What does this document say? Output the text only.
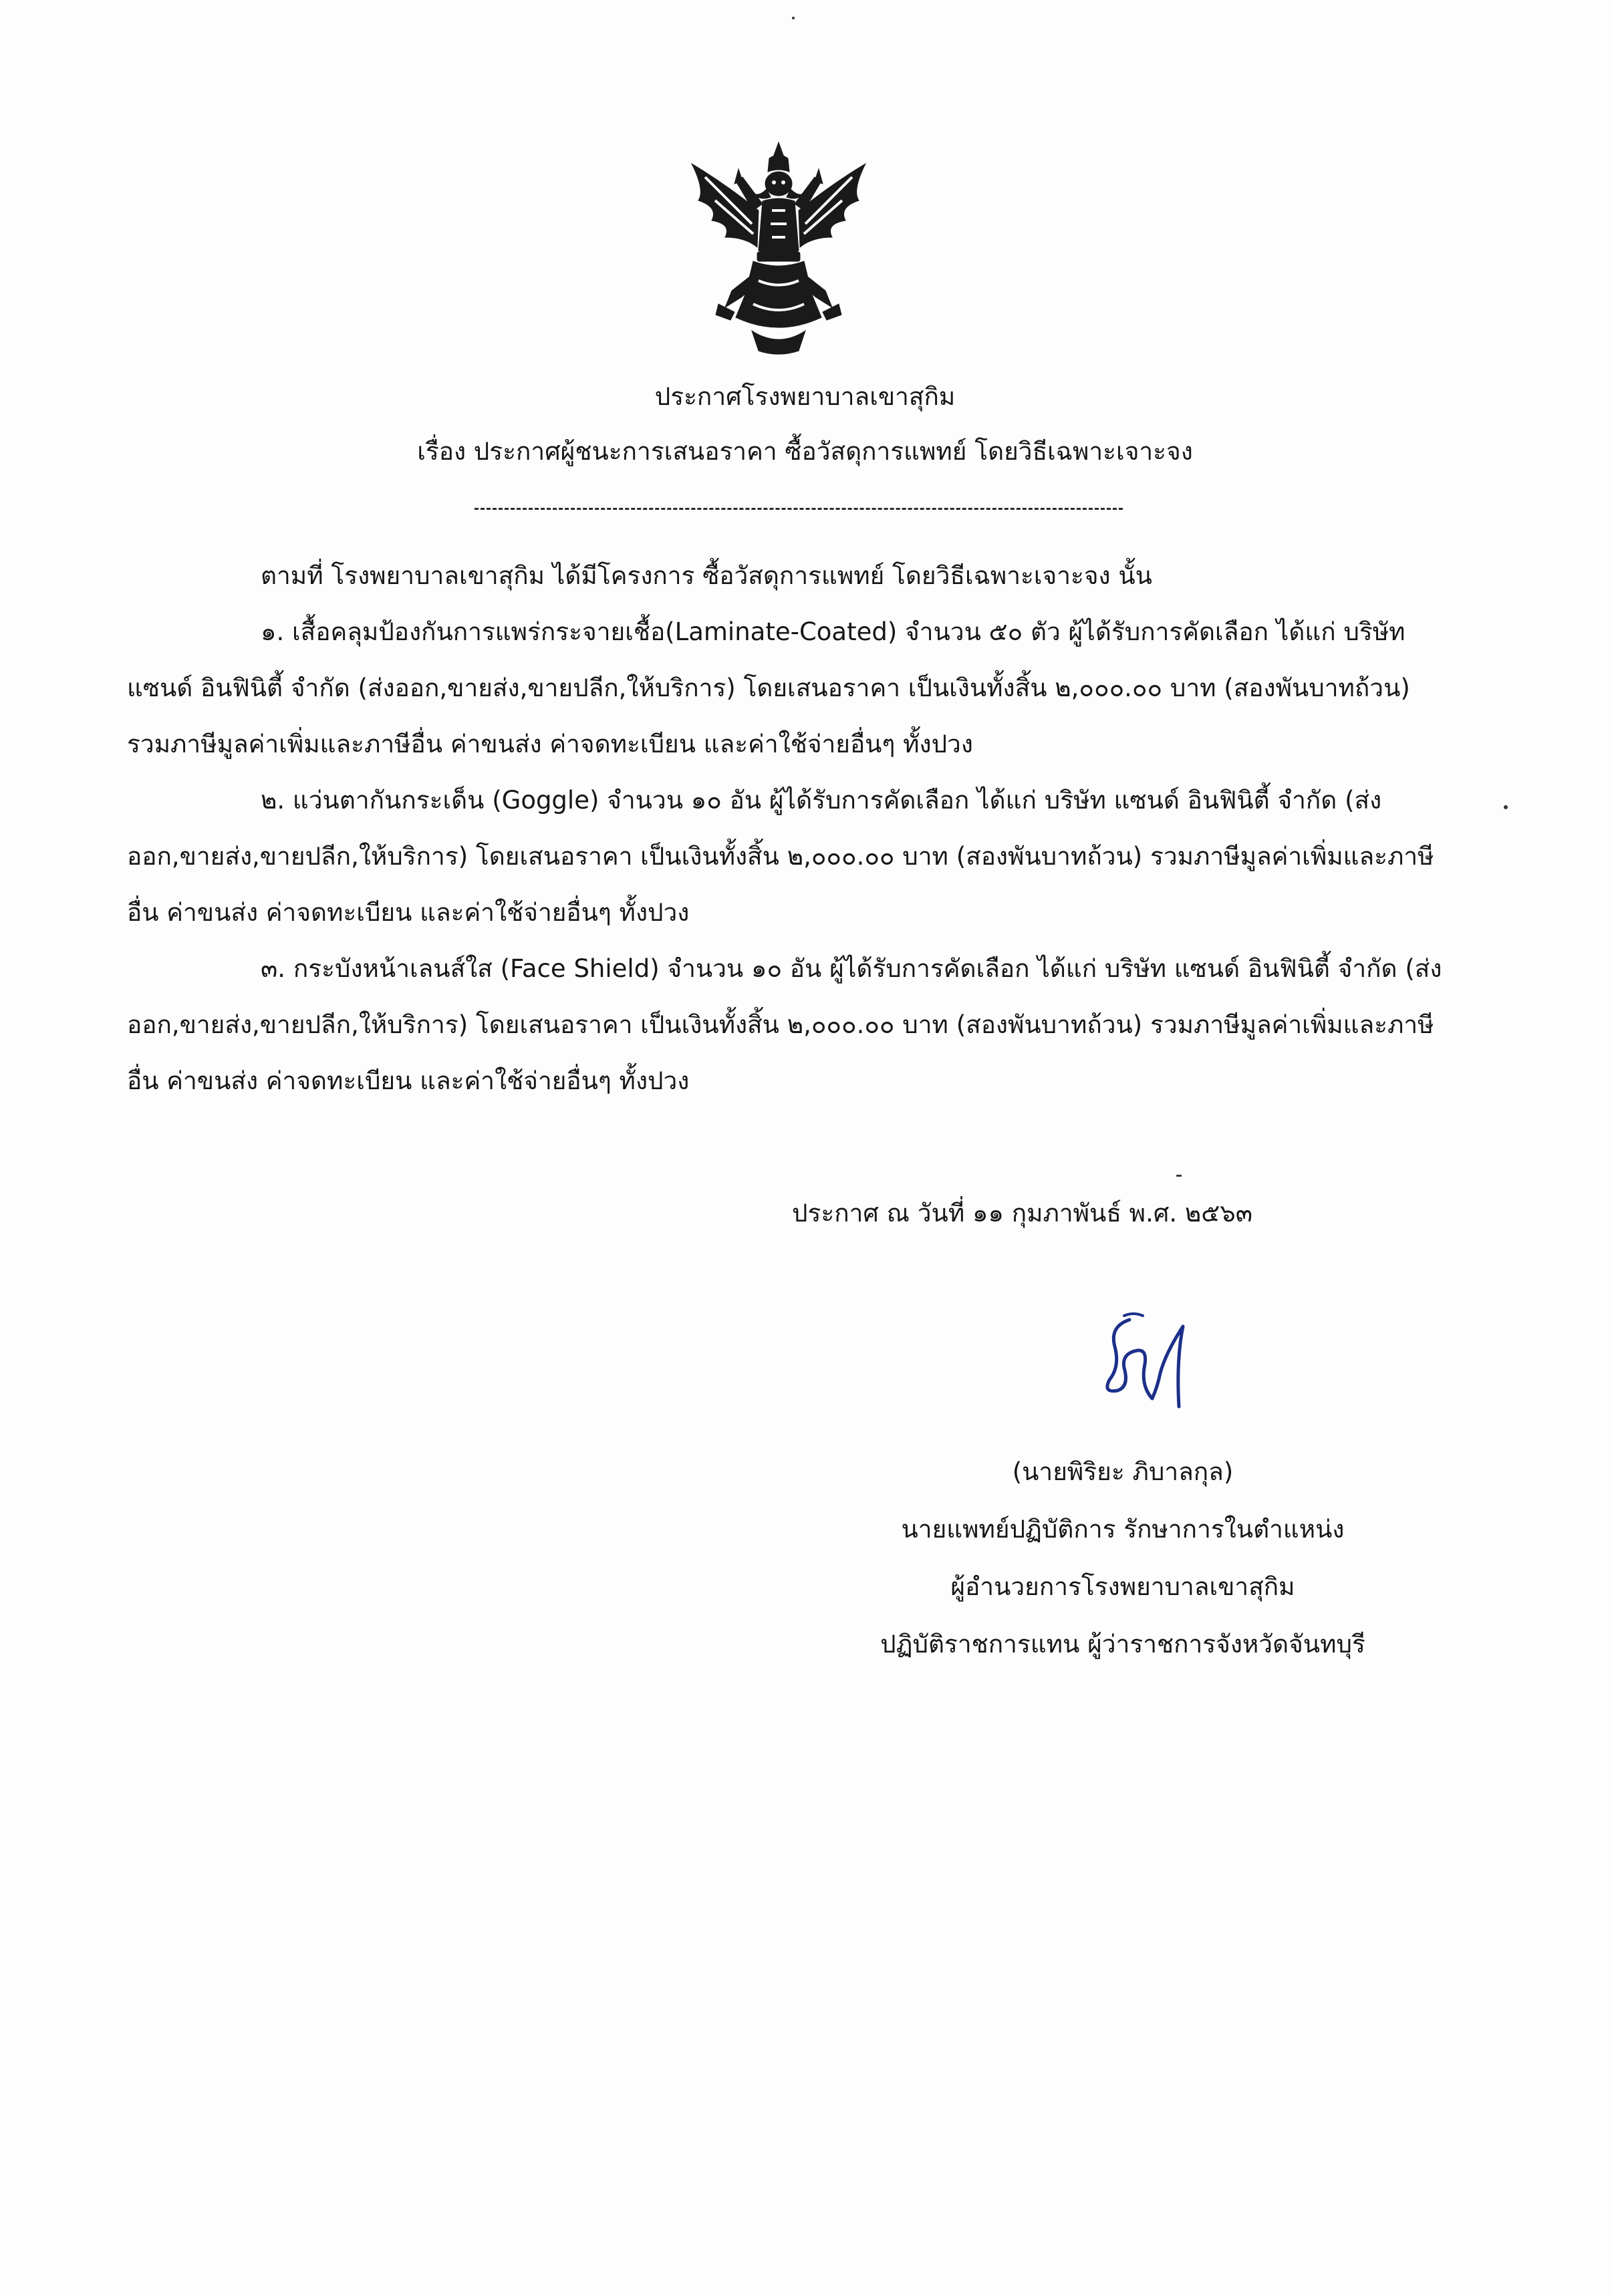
ประกาศโรงพยาบาลเขาสุกิม
เรื่อง ประกาศผู้ชนะการเสนอราคา ซื้อวัสดุการแพทย์ โดยวิธีเฉพาะเจาะจง

ตามที่ โรงพยาบาลเขาสุกิม ได้มีโครงการ ซื้อวัสดุการแพทย์ โดยวิธีเฉพาะเจาะจง นั้น

๑. เสื้อคลุมป้องกันการแพร่กระจายเชื้อ(Laminate-Coated) จำนวน ๕๐ ตัว ผู้ได้รับการคัดเลือก ได้แก่ บริษัท แซนด์ อินฟินิตี้ จำกัด (ส่งออก,ขายส่ง,ขายปลีก,ให้บริการ) โดยเสนอราคา เป็นเงินทั้งสิ้น ๒,๐๐๐.๐๐ บาท (สองพันบาทถ้วน) รวมภาษีมูลค่าเพิ่มและภาษีอื่น ค่าขนส่ง ค่าจดทะเบียน และค่าใช้จ่ายอื่นๆ ทั้งปวง

๒. แว่นตากันกระเด็น (Goggle) จำนวน ๑๐ อัน ผู้ได้รับการคัดเลือก ได้แก่ บริษัท แซนด์ อินฟินิตี้ จำกัด (ส่งออก,ขายส่ง,ขายปลีก,ให้บริการ) โดยเสนอราคา เป็นเงินทั้งสิ้น ๒,๐๐๐.๐๐ บาท (สองพันบาทถ้วน) รวมภาษีมูลค่าเพิ่มและภาษีอื่น ค่าขนส่ง ค่าจดทะเบียน และค่าใช้จ่ายอื่นๆ ทั้งปวง

๓. กระบังหน้าเลนส์ใส (Face Shield) จำนวน ๑๐ อัน ผู้ได้รับการคัดเลือก ได้แก่ บริษัท แซนด์ อินฟินิตี้ จำกัด (ส่งออก,ขายส่ง,ขายปลีก,ให้บริการ) โดยเสนอราคา เป็นเงินทั้งสิ้น ๒,๐๐๐.๐๐ บาท (สองพันบาทถ้วน) รวมภาษีมูลค่าเพิ่มและภาษีอื่น ค่าขนส่ง ค่าจดทะเบียน และค่าใช้จ่ายอื่นๆ ทั้งปวง

ประกาศ ณ วันที่ ๑๑ กุมภาพันธ์ พ.ศ. ๒๕๖๓
(นายพิริยะ ภิบาลกุล)
นายแพทย์ปฏิบัติการ รักษาการในตำแหน่ง
ผู้อำนวยการโรงพยาบาลเขาสุกิม
ปฏิบัติราชการแทน ผู้ว่าราชการจังหวัดจันทบุรี
